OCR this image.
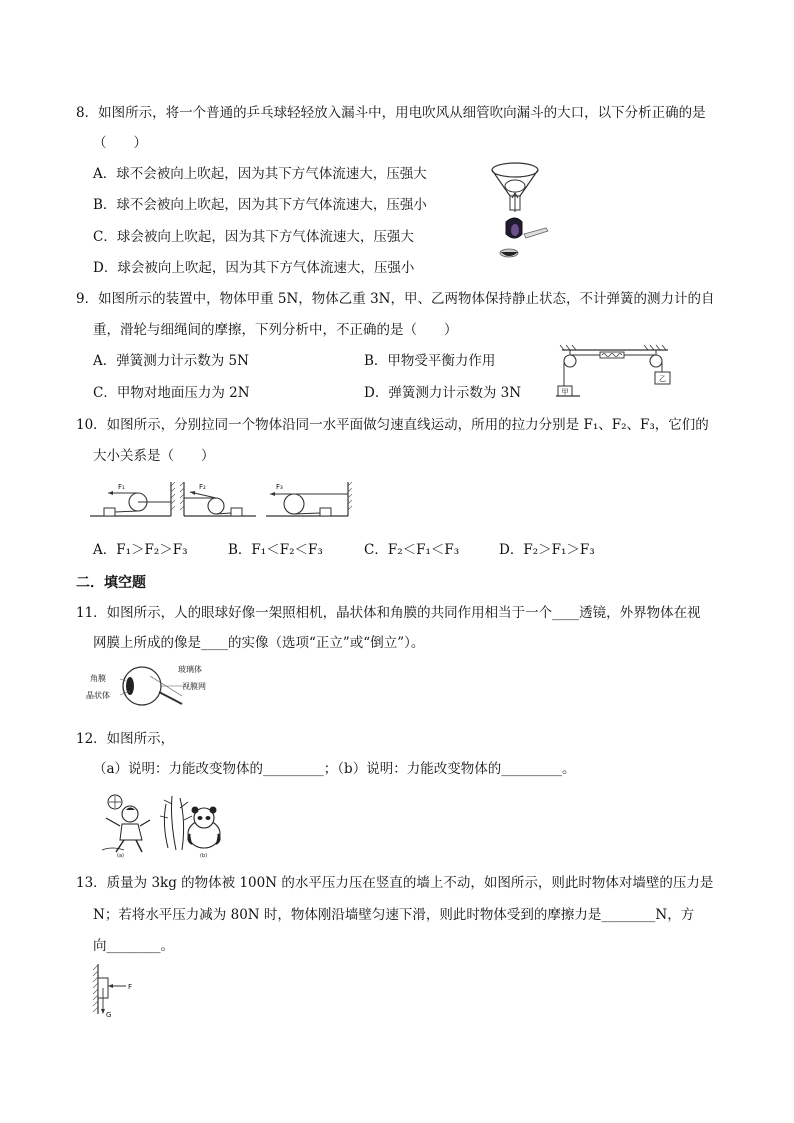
8．如图所示，将一个普通的乒乓球轻轻放入漏斗中，用电吹风从细管吹向漏斗的大口，以下分析正确的是
（　　）
A．球不会被向上吹起，因为其下方气体流速大，压强大
B．球不会被向上吹起，因为其下方气体流速大，压强小
C．球会被向上吹起，因为其下方气体流速大，压强大
D．球会被向上吹起，因为其下方气体流速大，压强小
9．如图所示的装置中，物体甲重 5N，物体乙重 3N，甲、乙两物体保持静止状态，不计弹簧的测力计的自
重，滑轮与细绳间的摩擦，下列分析中，不正确的是（　　）
A．弹簧测力计示数为 5N	B．甲物受平衡力作用
C．甲物对地面压力为 2N	D．弹簧测力计示数为 3N	甲
乙
10．如图所示，分别拉同一个物体沿同一水平面做匀速直线运动，所用的拉力分别是 F₁、F₂、F₃，它们的
大小关系是（　　）
F₁	F₂	F₃
A．F₁＞F₂＞F₃	B．F₁＜F₂＜F₃	C．F₂＜F₁＜F₃	D．F₂＞F₁＞F₃
二．填空题
11．如图所示，人的眼球好像一架照相机，晶状体和角膜的共同作用相当于一个____透镜，外界物体在视
网膜上所成的像是____的实像（选项“正立”或“倒立”）。
角膜
晶状体
玻璃体
视膜网
12．如图所示，
（a）说明：力能改变物体的_________；（b）说明：力能改变物体的_________。
(a)	(b)
13．质量为 3kg 的物体被 100N 的水平压力压在竖直的墙上不动，如图所示，则此时物体对墙壁的压力是
N；若将水平压力减为 80N 时，物体刚沿墙壁匀速下滑，则此时物体受到的摩擦力是________N，方
向________。
F
G
